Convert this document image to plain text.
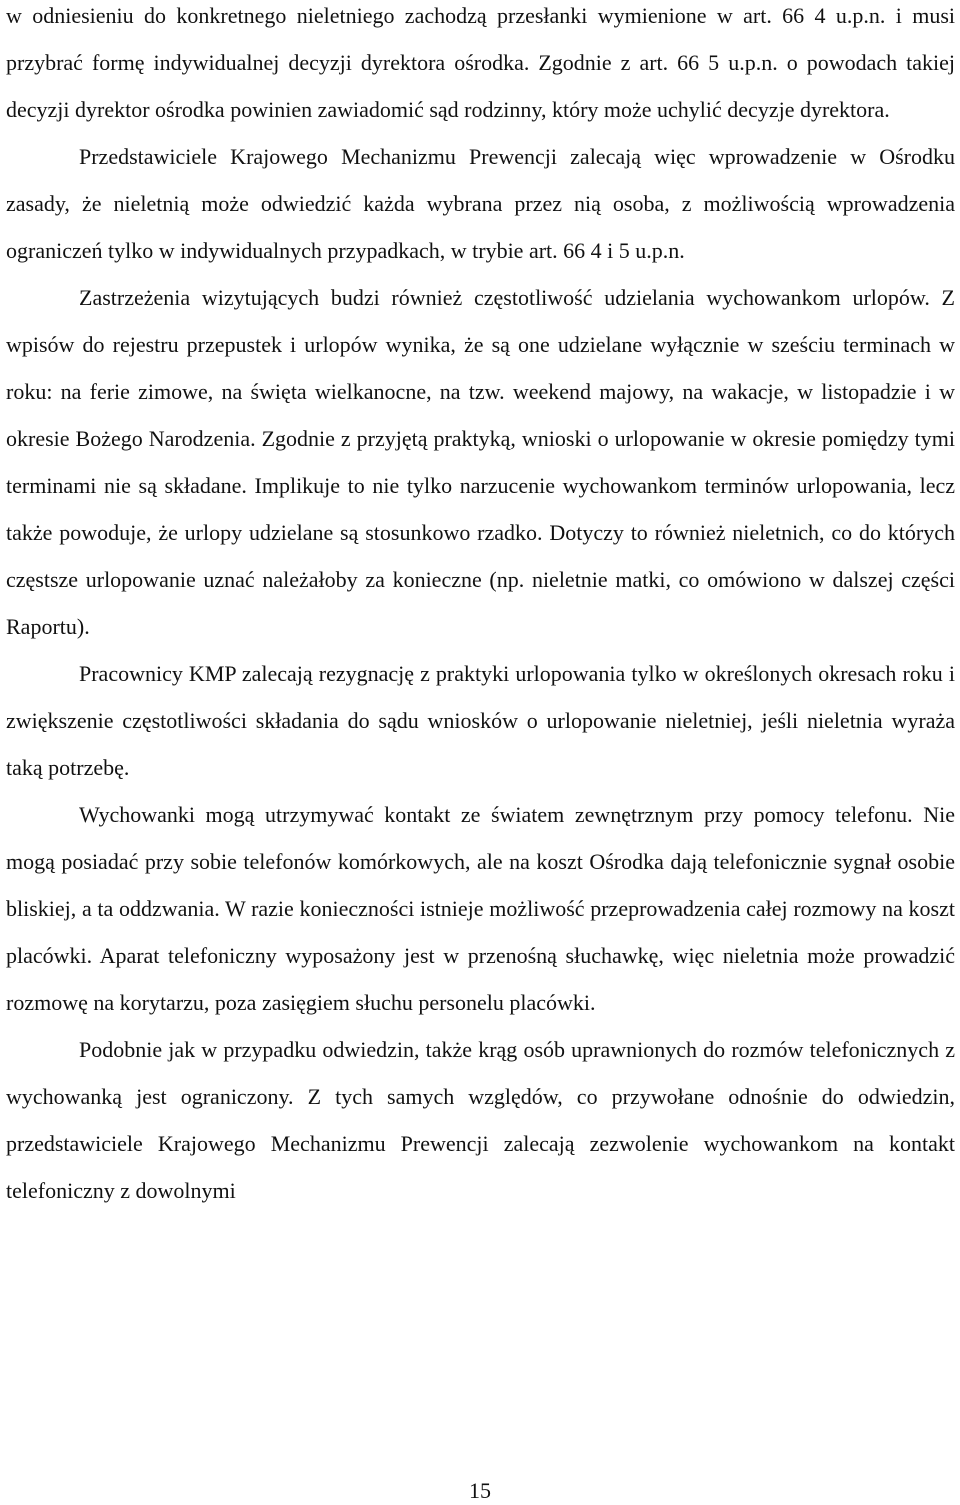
w odniesieniu do konkretnego nieletniego zachodzą przesłanki wymienione w art. 66 4 u.p.n. i musi przybrać formę indywidualnej decyzji dyrektora ośrodka. Zgodnie z art. 66 5 u.p.n. o powodach takiej decyzji dyrektor ośrodka powinien zawiadomić sąd rodzinny, który może uchylić decyzje dyrektora.

Przedstawiciele Krajowego Mechanizmu Prewencji zalecają więc wprowadzenie w Ośrodku zasady, że nieletnią może odwiedzić każda wybrana przez nią osoba, z możliwością wprowadzenia ograniczeń tylko w indywidualnych przypadkach, w trybie art. 66 4 i 5 u.p.n.

Zastrzeżenia wizytujących budzi również częstotliwość udzielania wychowankom urlopów. Z wpisów do rejestru przepustek i urlopów wynika, że są one udzielane wyłącznie w sześciu terminach w roku: na ferie zimowe, na święta wielkanocne, na tzw. weekend majowy, na wakacje, w listopadzie i w okresie Bożego Narodzenia. Zgodnie z przyjętą praktyką, wnioski o urlopowanie w okresie pomiędzy tymi terminami nie są składane. Implikuje to nie tylko narzucenie wychowankom terminów urlopowania, lecz także powoduje, że urlopy udzielane są stosunkowo rzadko. Dotyczy to również nieletnich, co do których częstsze urlopowanie uznać należałoby za konieczne (np. nieletnie matki, co omówiono w dalszej części Raportu).

Pracownicy KMP zalecają rezygnację z praktyki urlopowania tylko w określonych okresach roku i zwiększenie częstotliwości składania do sądu wniosków o urlopowanie nieletniej, jeśli nieletnia wyraża taką potrzebę.

Wychowanki mogą utrzymywać kontakt ze światem zewnętrznym przy pomocy telefonu. Nie mogą posiadać przy sobie telefonów komórkowych, ale na koszt Ośrodka dają telefonicznie sygnał osobie bliskiej, a ta oddzwania. W razie konieczności istnieje możliwość przeprowadzenia całej rozmowy na koszt placówki. Aparat telefoniczny wyposażony jest w przenośną słuchawkę, więc nieletnia może prowadzić rozmowę na korytarzu, poza zasięgiem słuchu personelu placówki.

Podobnie jak w przypadku odwiedzin, także krąg osób uprawnionych do rozmów telefonicznych z wychowanką jest ograniczony. Z tych samych względów, co przywołane odnośnie do odwiedzin, przedstawiciele Krajowego Mechanizmu Prewencji zalecają zezwolenie wychowankom na kontakt telefoniczny z dowolnymi

15
